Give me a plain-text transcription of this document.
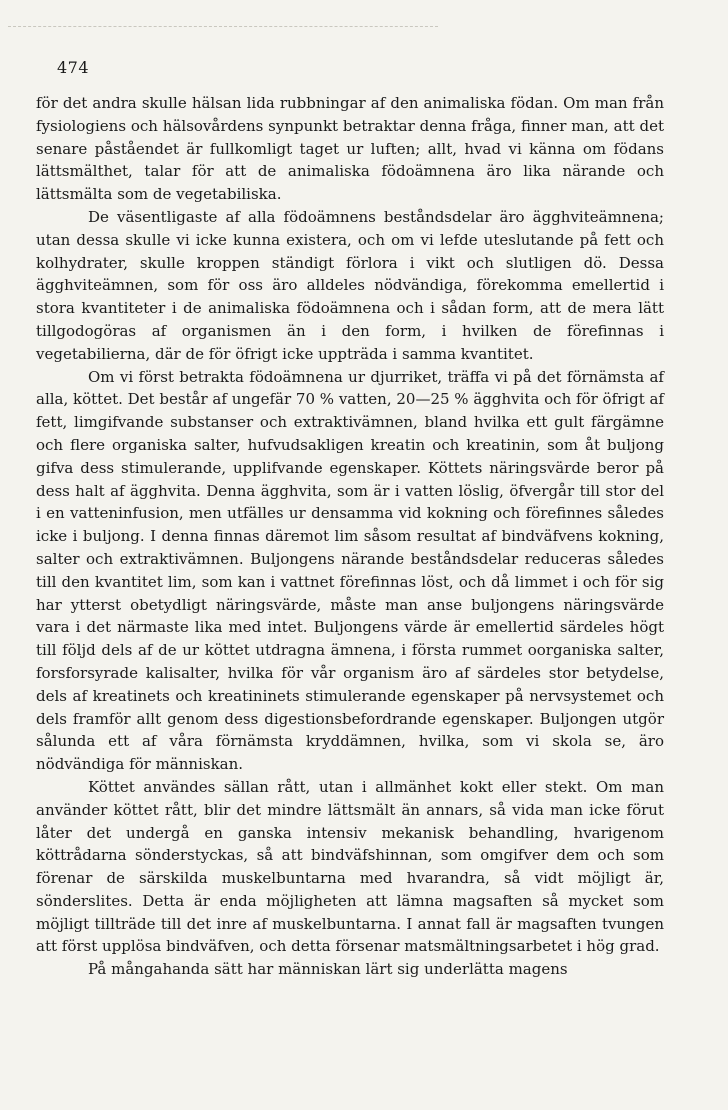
474

för det andra skulle hälsan lida rubbningar af den animaliska födan. Om man från fysiologiens och hälsovårdens synpunkt betraktar denna fråga, finner man, att det senare påståendet är fullkomligt taget ur luften; allt, hvad vi känna om födans lättsmälthet, talar för att de animaliska födoämnena äro lika närande och lättsmälta som de vegetabiliska.

De väsentligaste af alla födoämnens beståndsdelar äro ägghviteämnena; utan dessa skulle vi icke kunna existera, och om vi lefde uteslutande på fett och kolhydrater, skulle kroppen ständigt förlora i vikt och slutligen dö. Dessa ägghviteämnen, som för oss äro alldeles nödvändiga, förekomma emellertid i stora kvantiteter i de animaliska födoämnena och i sådan form, att de mera lätt tillgodogöras af organismen än i den form, i hvilken de förefinnas i vegetabilierna, där de för öfrigt icke uppträda i samma kvantitet.

Om vi först betrakta födoämnena ur djurriket, träffa vi på det förnämsta af alla, köttet. Det består af ungefär 70 % vatten, 20—25 % ägghvita och för öfrigt af fett, limgifvande substanser och extraktivämnen, bland hvilka ett gult färgämne och flere organiska salter, hufvudsakligen kreatin och kreatinin, som åt buljong gifva dess stimulerande, upplifvande egenskaper. Köttets näringsvärde beror på dess halt af ägghvita. Denna ägghvita, som är i vatten löslig, öfvergår till stor del i en vatteninfusion, men utfälles ur densamma vid kokning och förefinnes således icke i buljong. I denna finnas däremot lim såsom resultat af bindväfvens kokning, salter och extraktivämnen. Buljongens närande beståndsdelar reduceras således till den kvantitet lim, som kan i vattnet förefinnas löst, och då limmet i och för sig har ytterst obetydligt näringsvärde, måste man anse buljongens näringsvärde vara i det närmaste lika med intet. Buljongens värde är emellertid särdeles högt till följd dels af de ur köttet utdragna ämnena, i första rummet oorganiska salter, forsforsyrade kalisalter, hvilka för vår organism äro af särdeles stor betydelse, dels af kreatinets och kreatininets stimulerande egenskaper på nervsystemet och dels framför allt genom dess digestionsbefordrande egenskaper. Buljongen utgör sålunda ett af våra förnämsta kryddämnen, hvilka, som vi skola se, äro nödvändiga för människan.

Köttet användes sällan rått, utan i allmänhet kokt eller stekt. Om man använder köttet rått, blir det mindre lättsmält än annars, så vida man icke förut låter det undergå en ganska intensiv mekanisk behandling, hvarigenom köttrådarna sönderstyckas, så att bindväfshinnan, som omgifver dem och som förenar de särskilda muskelbuntarna med hvarandra, så vidt möjligt är, sönderslites. Detta är enda möjligheten att lämna magsaften så mycket som möjligt tillträde till det inre af muskelbuntarna. I annat fall är magsaften tvungen att först upplösa bindväfven, och detta försenar matsmältningsarbetet i hög grad.

På mångahanda sätt har människan lärt sig underlätta magens
